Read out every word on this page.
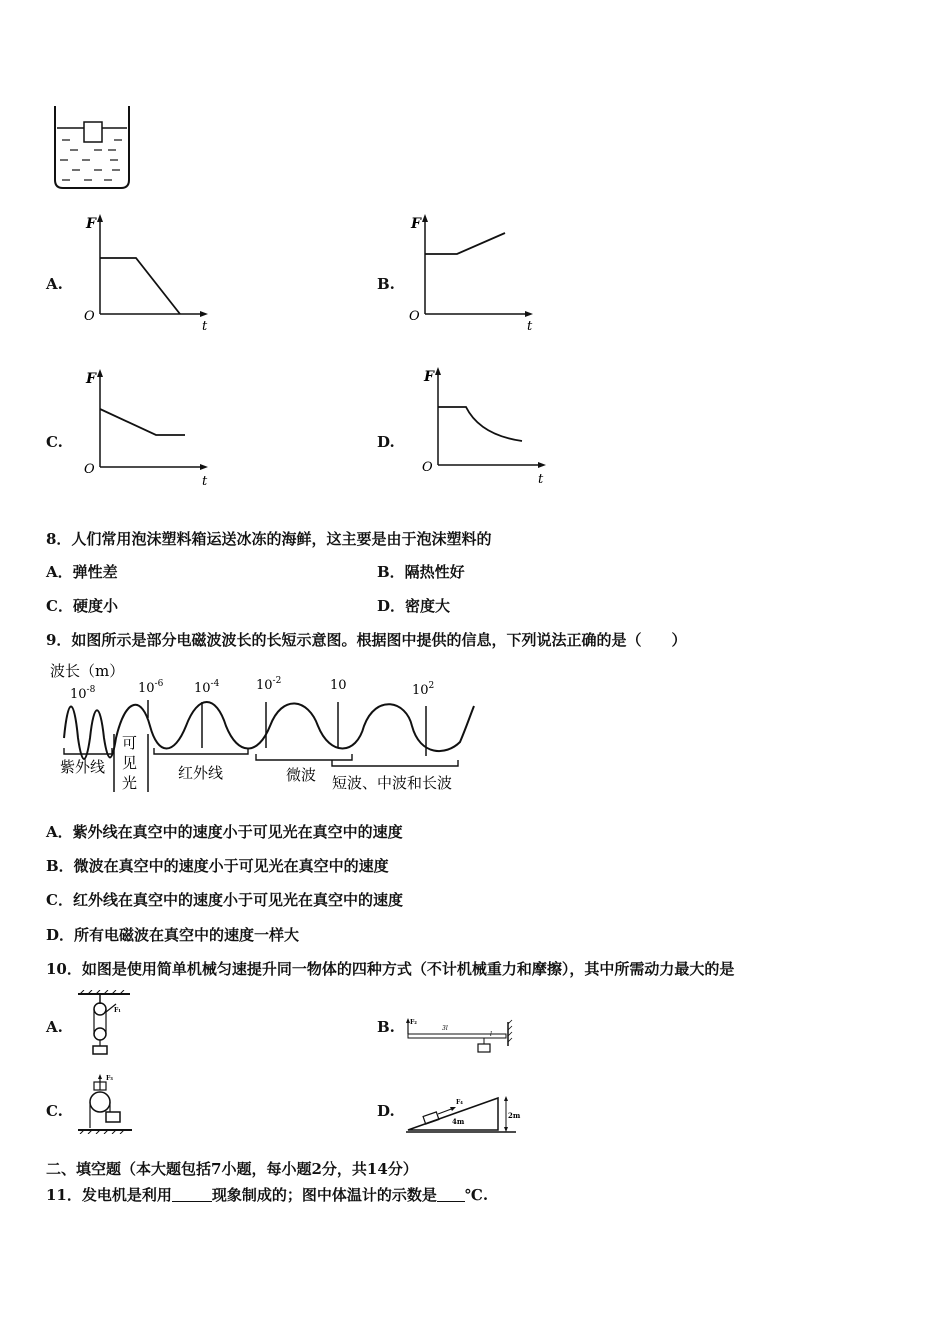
A.	B.
C.	D.
F
O
t
F
O
t
F
O
t
F
O
t
8．人们常用泡沫塑料箱运送冰冻的海鲜，这主要是由于泡沫塑料的
A．弹性差	B．隔热性好
C．硬度小	D．密度大
9．如图所示是部分电磁波波长的长短示意图。根据图中提供的信息，下列说法正确的是（　　）
波长（m）
$10^{-8}$	$10^{-6}$ $10^{-4}$	$10^{-2}$	10	$10^2$
紫外线
可
见
光
红外线	微波 短波、中波和长波
A．紫外线在真空中的速度小于可见光在真空中的速度
B．微波在真空中的速度小于可见光在真空中的速度
C．红外线在真空中的速度小于可见光在真空中的速度
D．所有电磁波在真空中的速度一样大
10．如图是使用简单机械匀速提升同一物体的四种方式（不计机械重力和摩擦），其中所需动力最大的是
A.	B.
C.	D.
F₁
F₂
3l
l
F₃
F₄
4m
2m
二、填空题（本大题包括7小题，每小题2分，共14分）
11．发电机是利用	现象制成的；图中体温计的示数是 ℃.
